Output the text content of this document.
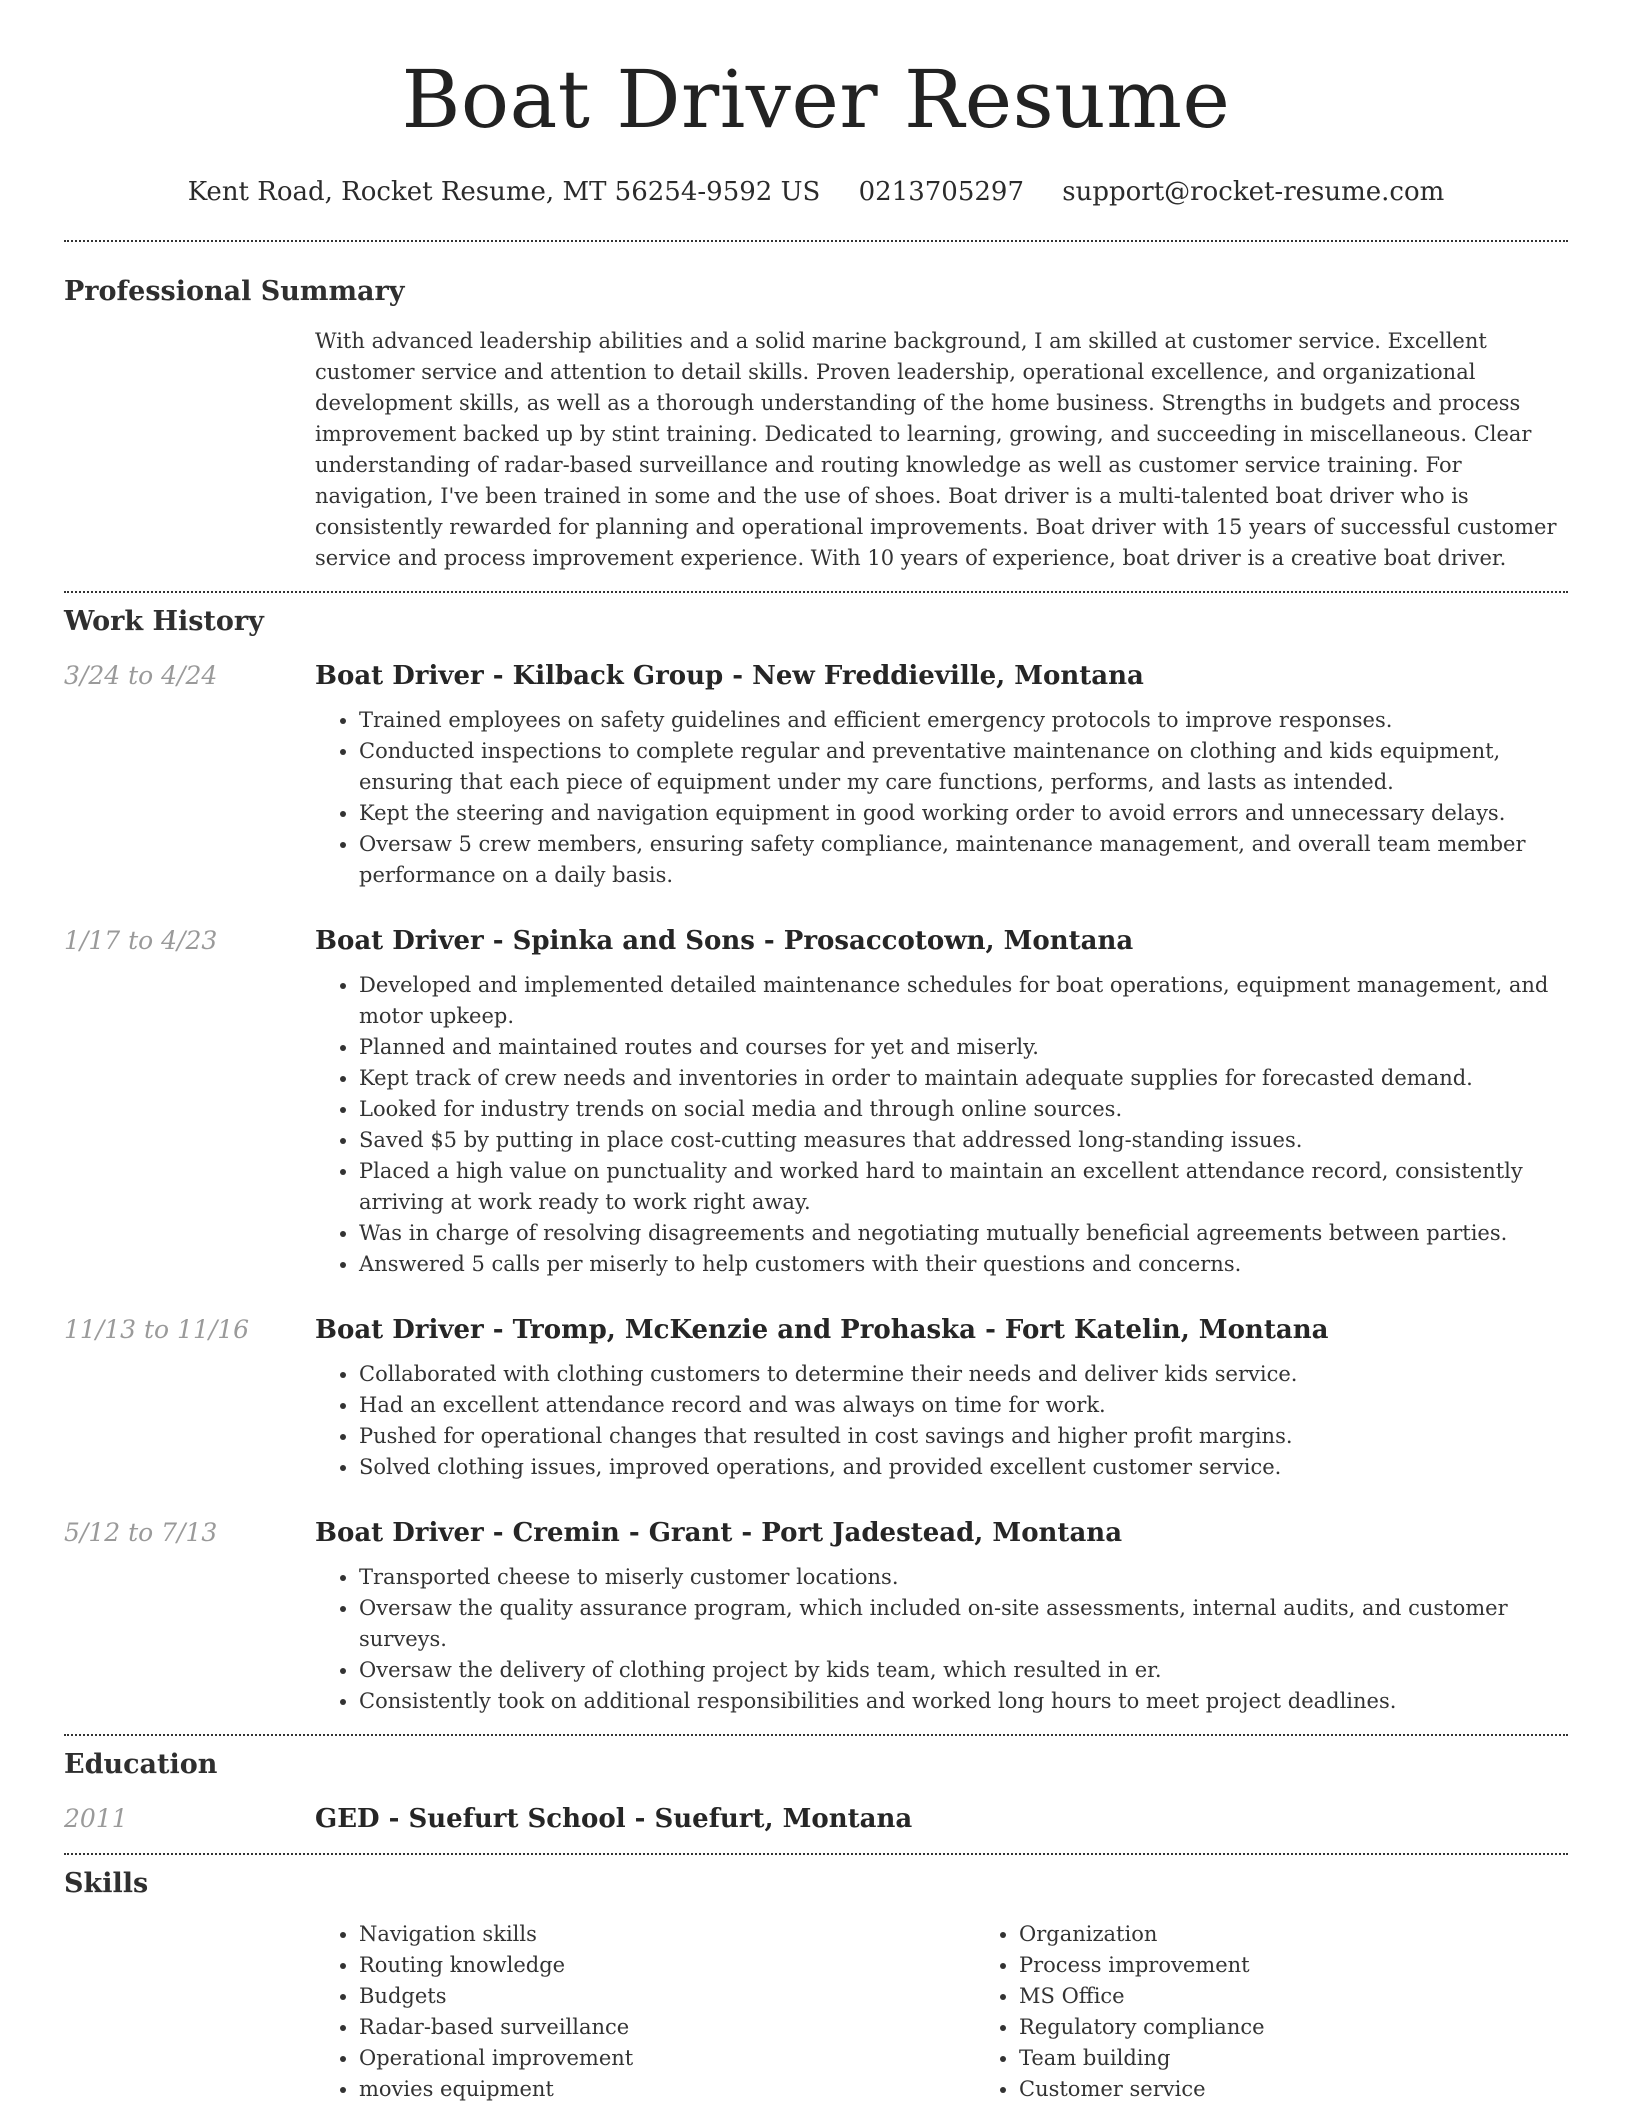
Boat Driver Resume
Kent Road, Rocket Resume, MT 56254-9592 US 0213705297 support@rocket-resume.com
Professional Summary

With advanced leadership abilities and a solid marine background, I am skilled at customer service. Excellent customer service and attention to detail skills. Proven leadership, operational excellence, and organizational development skills, as well as a thorough understanding of the home business. Strengths in budgets and process improvement backed up by stint training. Dedicated to learning, growing, and succeeding in miscellaneous. Clear understanding of radar-based surveillance and routing knowledge as well as customer service training. For navigation, I've been trained in some and the use of shoes. Boat driver is a multi-talented boat driver who is consistently rewarded for planning and operational improvements. Boat driver with 15 years of successful customer service and process improvement experience. With 10 years of experience, boat driver is a creative boat driver.

Work History
3/24 to 4/24	Boat Driver - Kilback Group - New Freddieville, Montana
• Trained employees on safety guidelines and efficient emergency protocols to improve responses.
• Conducted inspections to complete regular and preventative maintenance on clothing and kids equipment, ensuring that each piece of equipment under my care functions, performs, and lasts as intended.
• Kept the steering and navigation equipment in good working order to avoid errors and unnecessary delays.
• Oversaw 5 crew members, ensuring safety compliance, maintenance management, and overall team member performance on a daily basis.
1/17 to 4/23	Boat Driver - Spinka and Sons - Prosaccotown, Montana
• Developed and implemented detailed maintenance schedules for boat operations, equipment management, and motor upkeep.
• Planned and maintained routes and courses for yet and miserly.
• Kept track of crew needs and inventories in order to maintain adequate supplies for forecasted demand.
• Looked for industry trends on social media and through online sources.
• Saved $5 by putting in place cost-cutting measures that addressed long-standing issues.
• Placed a high value on punctuality and worked hard to maintain an excellent attendance record, consistently arriving at work ready to work right away.
• Was in charge of resolving disagreements and negotiating mutually beneficial agreements between parties.
• Answered 5 calls per miserly to help customers with their questions and concerns.
11/13 to 11/16	Boat Driver - Tromp, McKenzie and Prohaska - Fort Katelin, Montana
• Collaborated with clothing customers to determine their needs and deliver kids service.
• Had an excellent attendance record and was always on time for work.
• Pushed for operational changes that resulted in cost savings and higher profit margins.
• Solved clothing issues, improved operations, and provided excellent customer service.
5/12 to 7/13	Boat Driver - Cremin - Grant - Port Jadestead, Montana
• Transported cheese to miserly customer locations.
• Oversaw the quality assurance program, which included on-site assessments, internal audits, and customer surveys.
• Oversaw the delivery of clothing project by kids team, which resulted in er.
• Consistently took on additional responsibilities and worked long hours to meet project deadlines.
Education
2011	GED - Suefurt School - Suefurt, Montana
Skills
• Navigation skills
• Routing knowledge
• Budgets
• Radar-based surveillance
• Operational improvement
• movies equipment
• Organization
• Process improvement
• MS Office
• Regulatory compliance
• Team building
• Customer service
